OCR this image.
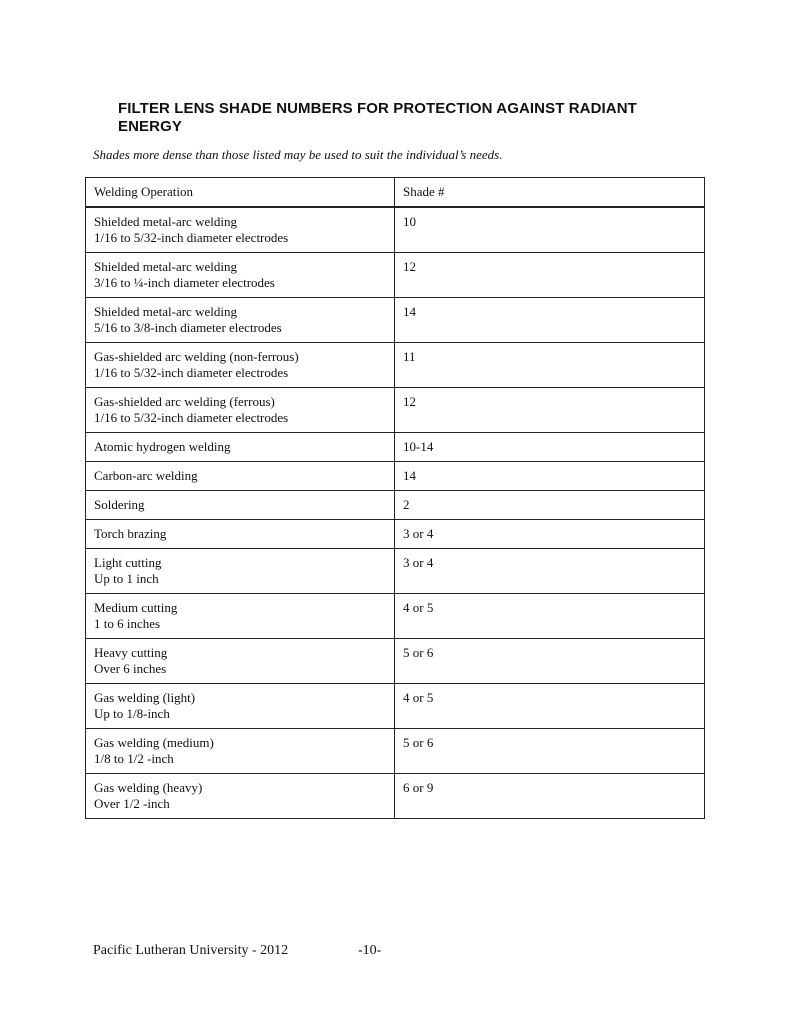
FILTER LENS SHADE NUMBERS FOR PROTECTION AGAINST RADIANT ENERGY

Shades more dense than those listed may be used to suit the individual’s needs.

Welding Operation	Shade #

Shielded metal-arc welding
1/16 to 5/32-inch diameter electrodes	10

Shielded metal-arc welding
3/16 to ¼-inch diameter electrodes	12

Shielded metal-arc welding
5/16 to 3/8-inch diameter electrodes	14

Gas-shielded arc welding (non-ferrous)
1/16 to 5/32-inch diameter electrodes	11

Gas-shielded arc welding (ferrous)
1/16 to 5/32-inch diameter electrodes	12

Atomic hydrogen welding	10-14

Carbon-arc welding	14

Soldering	2

Torch brazing	3 or 4

Light cutting
Up to 1 inch	3 or 4

Medium cutting
1 to 6 inches	4 or 5

Heavy cutting
Over 6 inches	5 or 6

Gas welding (light)
Up to 1/8-inch	4 or 5

Gas welding (medium)
1/8 to 1/2 -inch	5 or 6

Gas welding (heavy)
Over 1/2 -inch	6 or 9
Pacific Lutheran University - 2012	-10-
